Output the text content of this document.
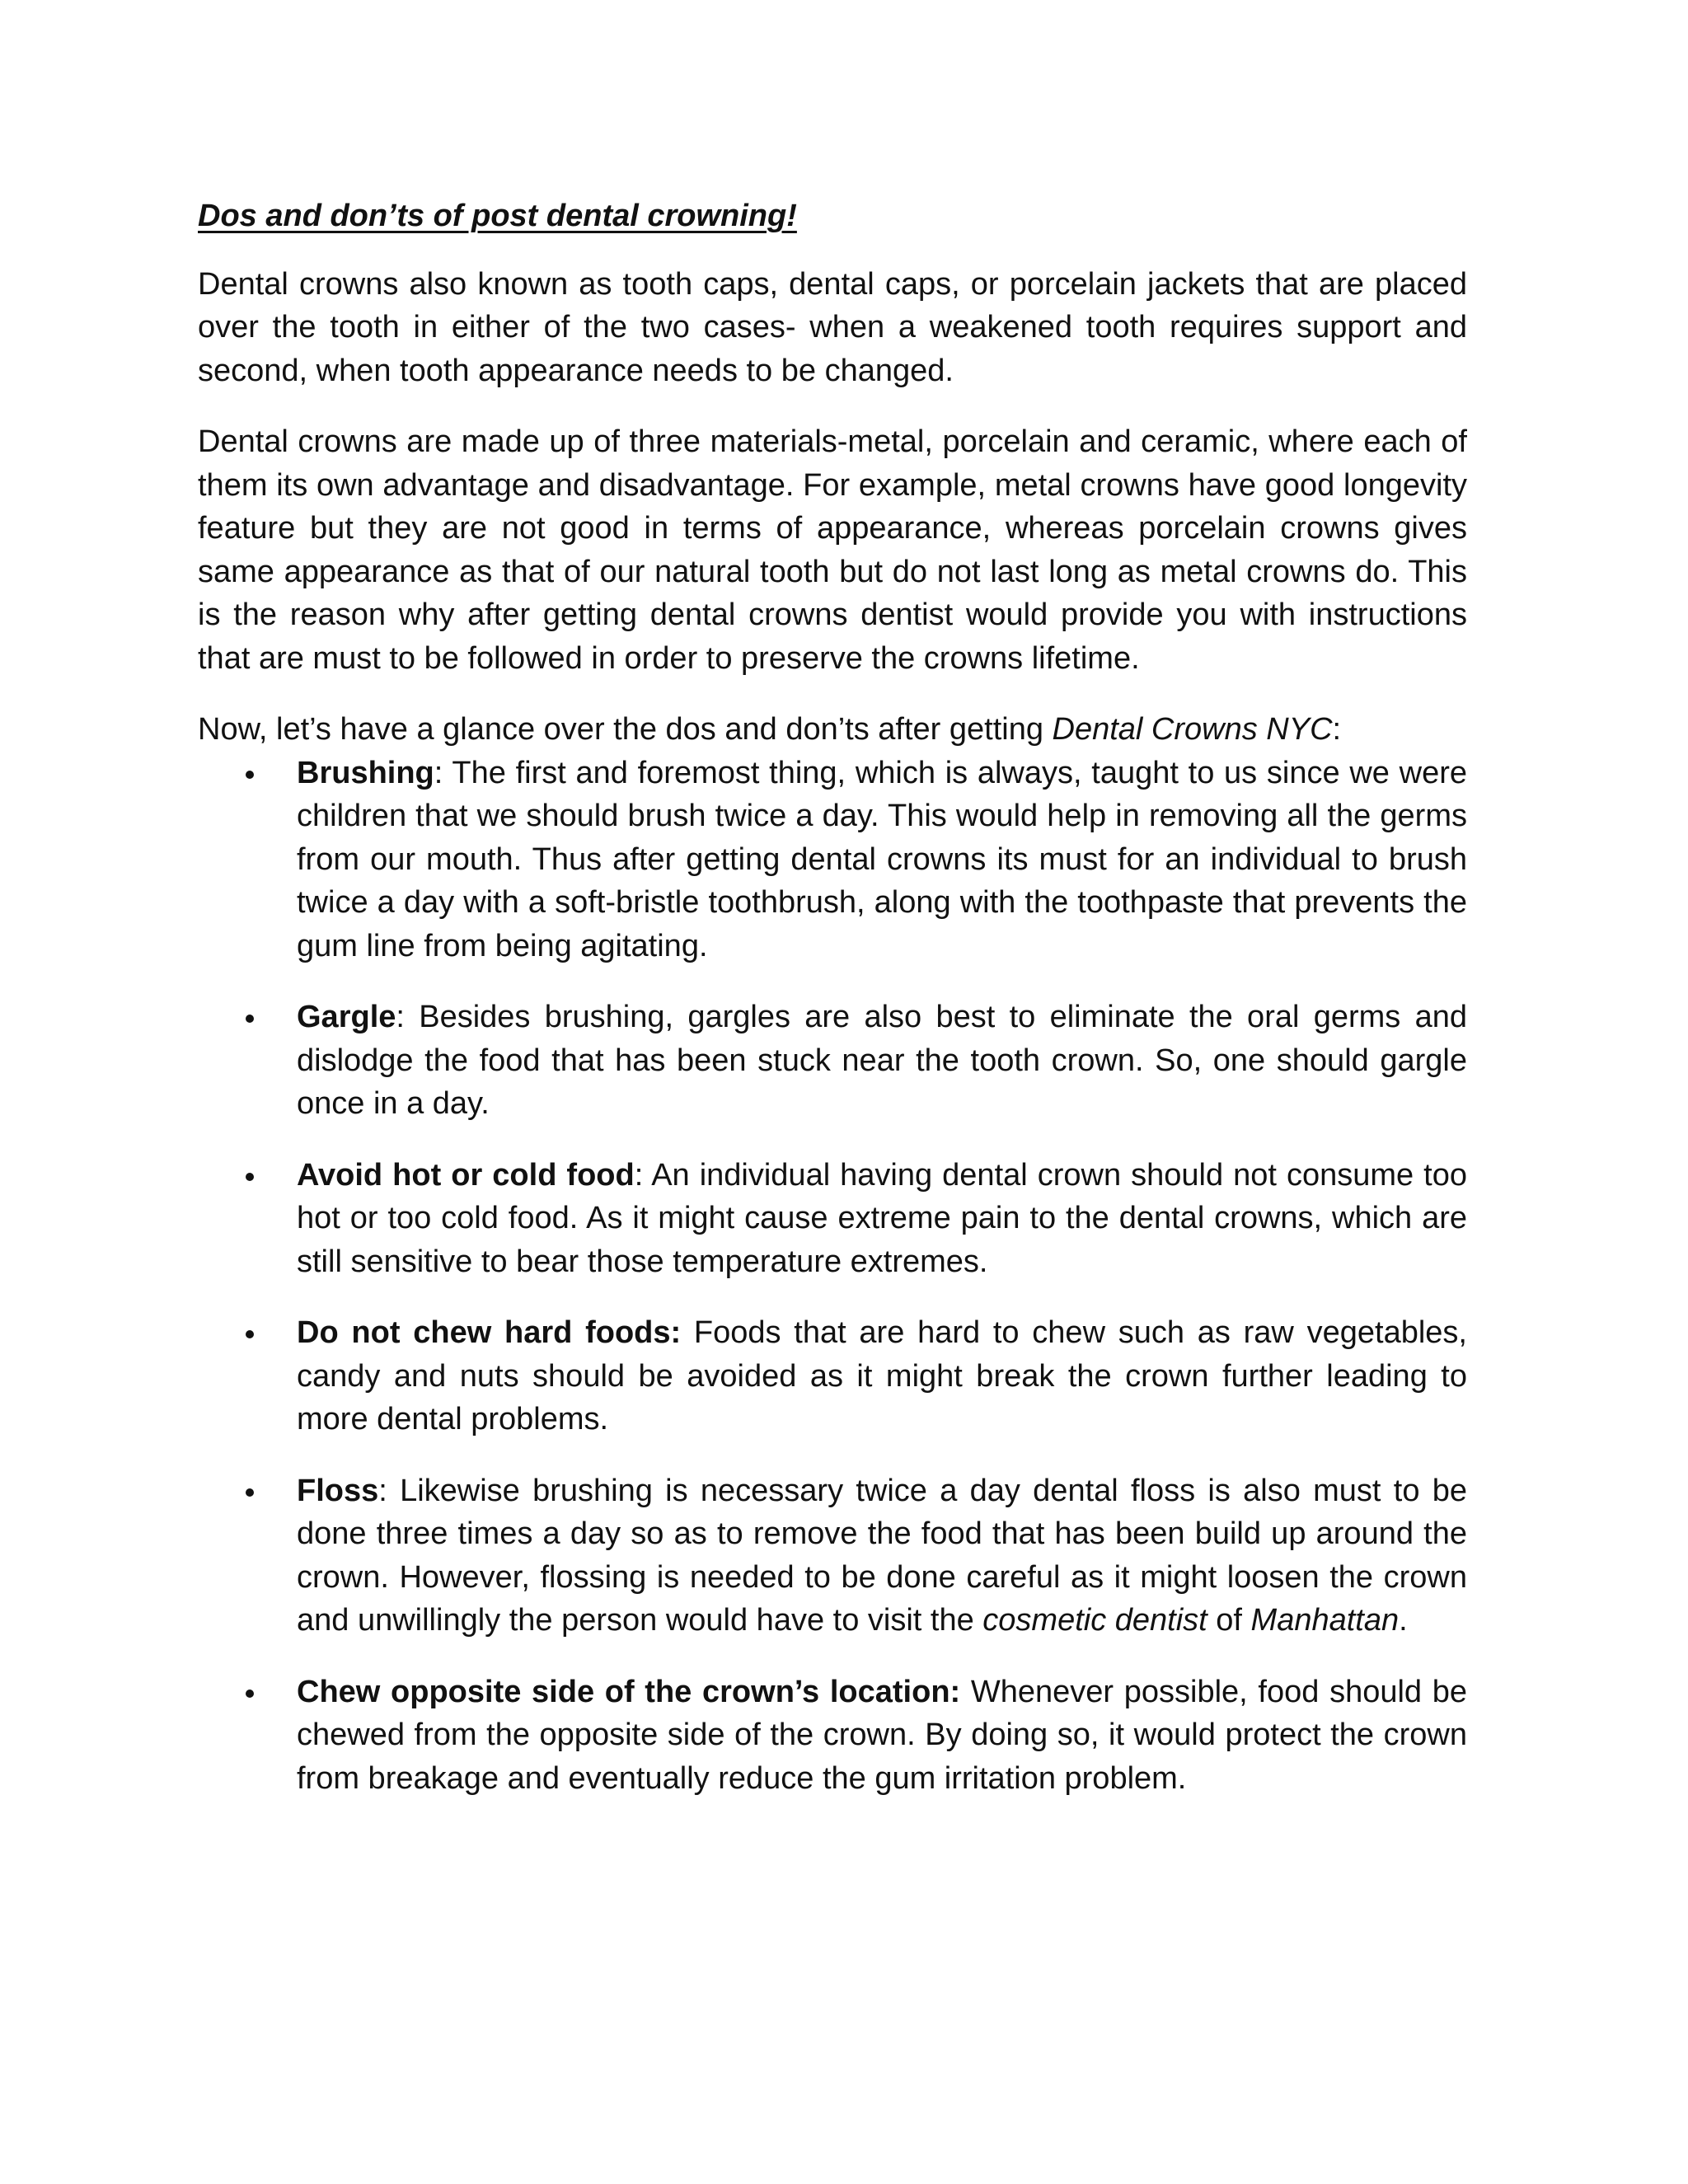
Dos and don’ts of post dental crowning!

Dental crowns also known as tooth caps, dental caps, or porcelain jackets that are placed over the tooth in either of the two cases- when a weakened tooth requires support and second, when tooth appearance needs to be changed.

Dental crowns are made up of three materials-metal, porcelain and ceramic, where each of them its own advantage and disadvantage. For example, metal crowns have good longevity feature but they are not good in terms of appearance, whereas porcelain crowns gives same appearance as that of our natural tooth but do not last long as metal crowns do. This is the reason why after getting dental crowns dentist would provide you with instructions that are must to be followed in order to preserve the crowns lifetime.

Now, let’s have a glance over the dos and don’ts after getting Dental Crowns NYC:

Brushing: The first and foremost thing, which is always, taught to us since we were children that we should brush twice a day. This would help in removing all the germs from our mouth. Thus after getting dental crowns its must for an individual to brush twice a day with a soft-bristle toothbrush, along with the toothpaste that prevents the gum line from being agitating.
Gargle: Besides brushing, gargles are also best to eliminate the oral germs and dislodge the food that has been stuck near the tooth crown. So, one should gargle once in a day.
Avoid hot or cold food: An individual having dental crown should not consume too hot or too cold food. As it might cause extreme pain to the dental crowns, which are still sensitive to bear those temperature extremes.
Do not chew hard foods: Foods that are hard to chew such as raw vegetables, candy and nuts should be avoided as it might break the crown further leading to more dental problems.
Floss: Likewise brushing is necessary twice a day dental floss is also must to be done three times a day so as to remove the food that has been build up around the crown. However, flossing is needed to be done careful as it might loosen the crown and unwillingly the person would have to visit the cosmetic dentist of Manhattan.
Chew opposite side of the crown’s location: Whenever possible, food should be chewed from the opposite side of the crown. By doing so, it would protect the crown from breakage and eventually reduce the gum irritation problem.
